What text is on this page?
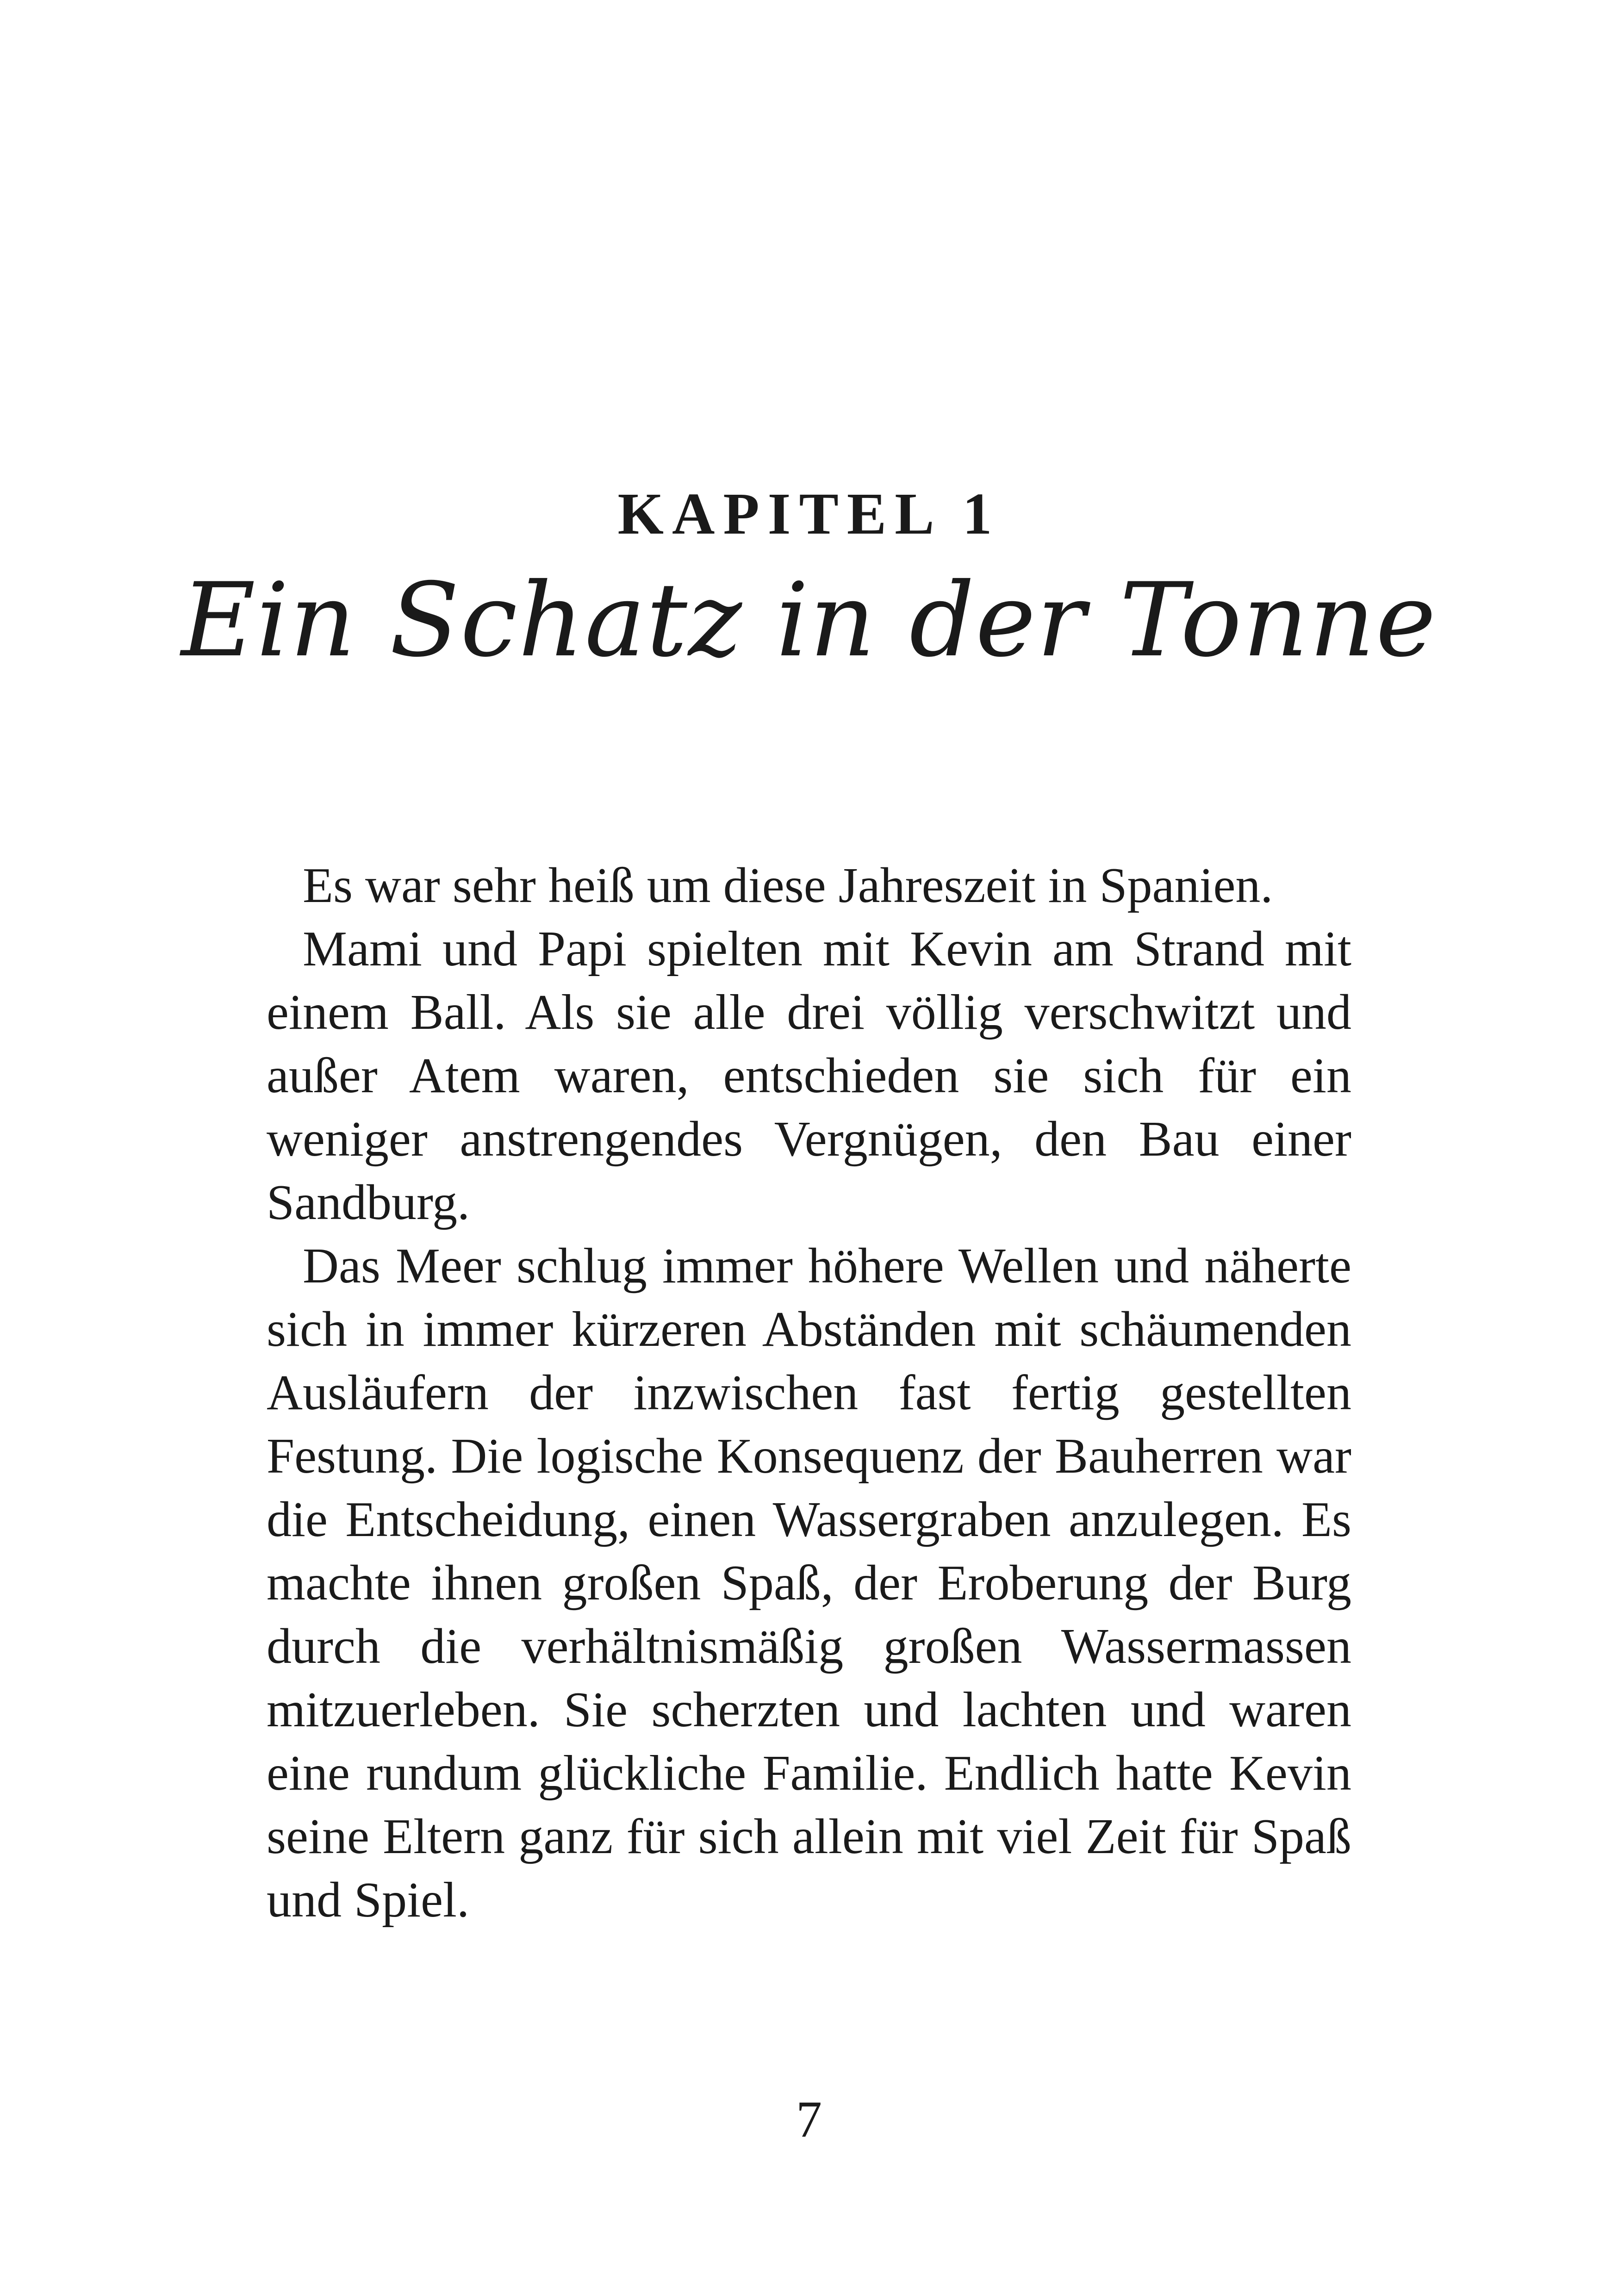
KAPITEL 1
Ein Schatz in der Tonne

Es war sehr heiß um diese Jahreszeit in Spanien.

Mami und Papi spielten mit Kevin am Strand mit einem Ball. Als sie alle drei völlig verschwitzt und außer Atem waren, entschieden sie sich für ein weniger anstrengendes Vergnügen, den Bau einer Sandburg.

Das Meer schlug immer höhere Wellen und näherte sich in immer kürzeren Abständen mit schäumenden Ausläufern der inzwischen fast fertig gestellten Festung. Die logische Konsequenz der Bauherren war die Entscheidung, einen Wassergraben anzulegen. Es machte ihnen großen Spaß, der Eroberung der Burg durch die verhältnismäßig großen Wassermassen mitzuerleben. Sie scherzten und lachten und waren eine rundum glückliche Familie. Endlich hatte Kevin seine Eltern ganz für sich allein mit viel Zeit für Spaß und Spiel.

7
